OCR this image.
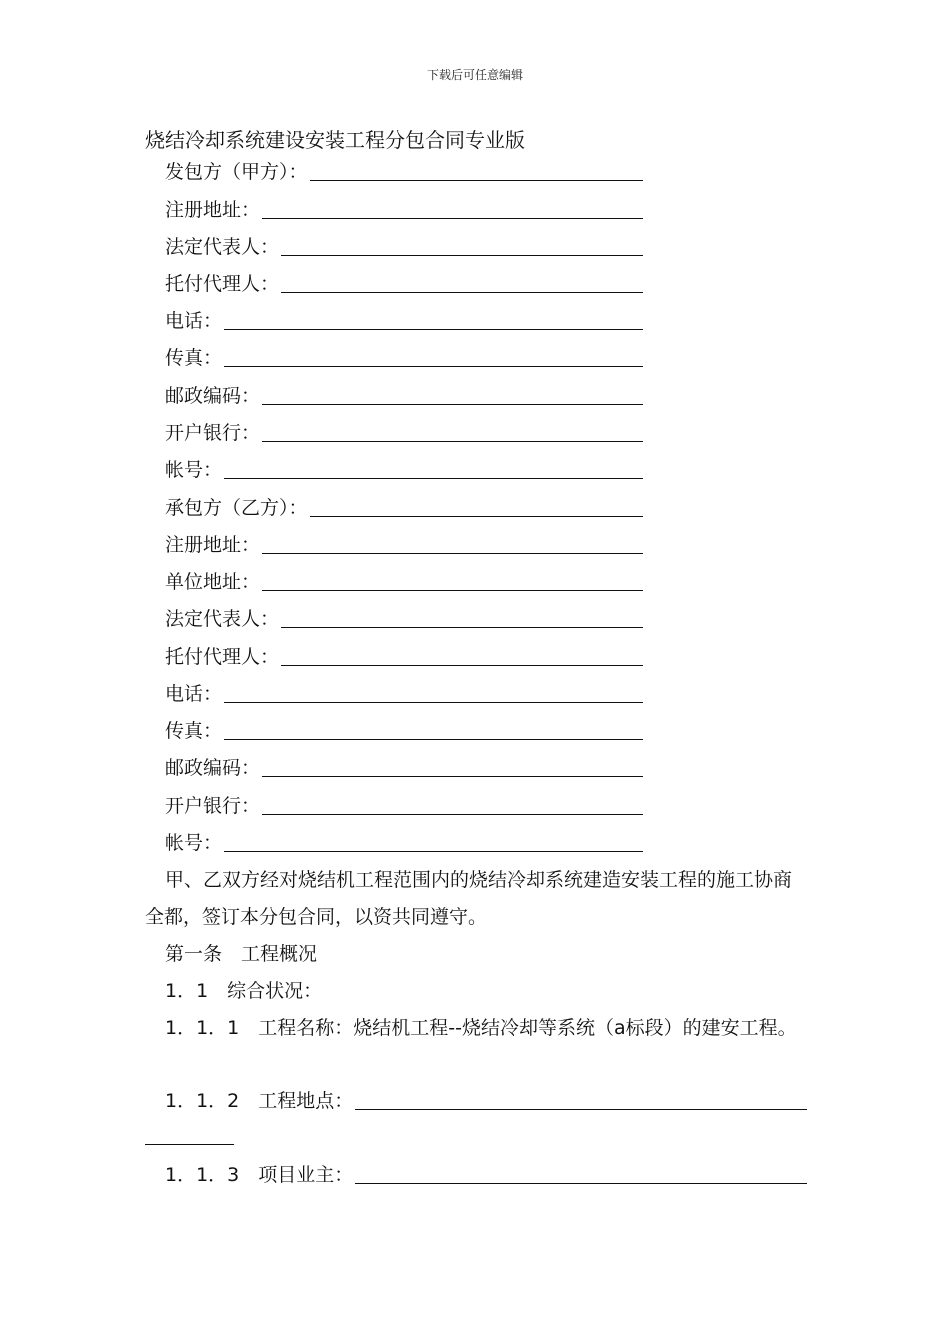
下载后可任意编辑
烧结冷却系统建设安装工程分包合同专业版
发包方（甲方）：
注册地址：
法定代表人：
托付代理人：
电话：
传真：
邮政编码：
开户银行：
帐号：
承包方（乙方）：
注册地址：
单位地址：
法定代表人：
托付代理人：
电话：
传真：
邮政编码：
开户银行：
帐号：
甲、乙双方经对烧结机工程范围内的烧结冷却系统建造安装工程的施工协商全都，签订本分包合同，以资共同遵守。
第一条　工程概况
1．1　综合状况：
1．1．1　工程名称：烧结机工程--烧结冷却等系统（a标段）的建安工程。
1．1．2　工程地点：
1．1．3　项目业主：
